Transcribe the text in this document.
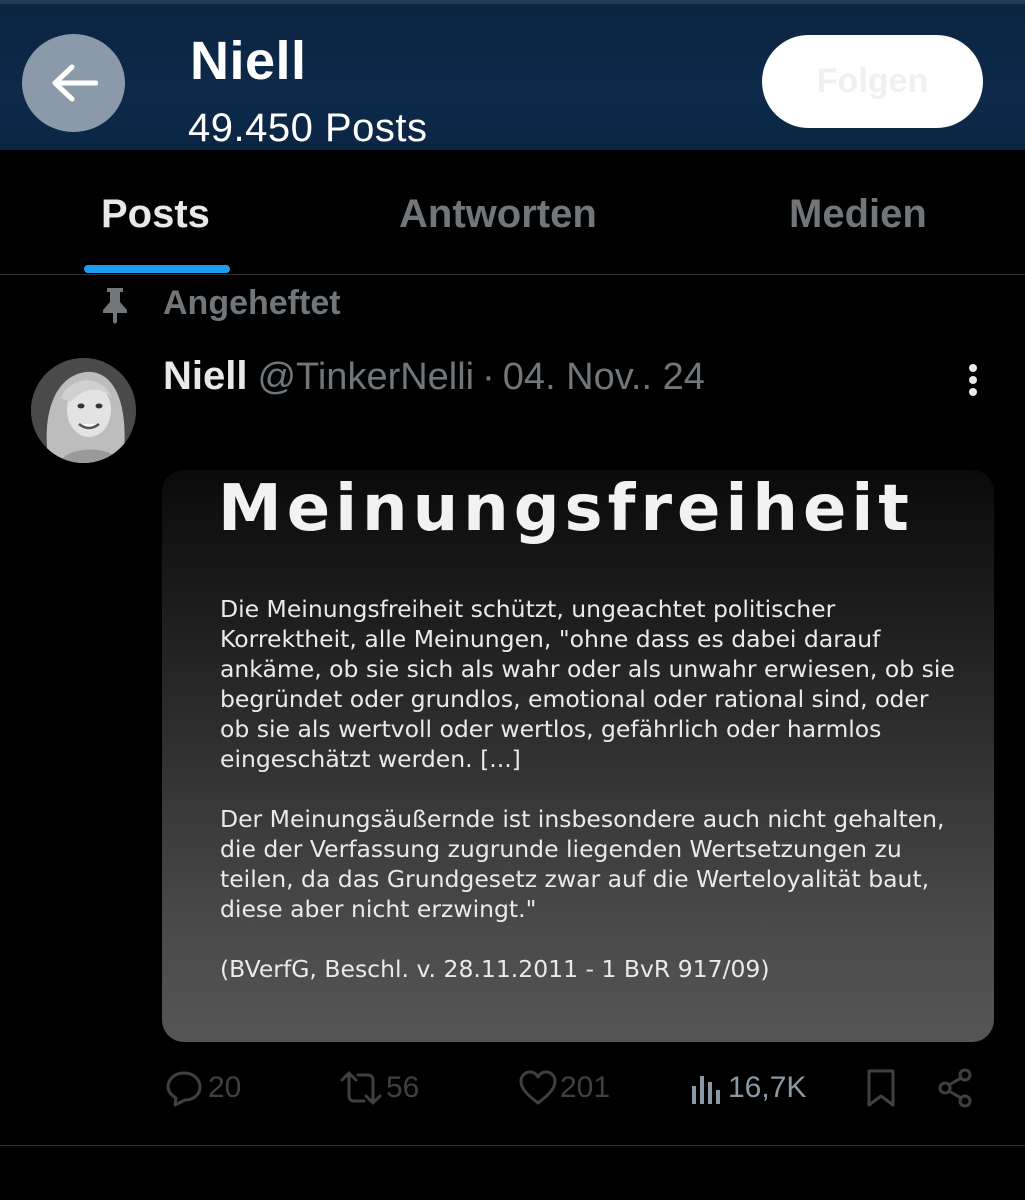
Niell
49.450 Posts
Folgen
Posts	Antworten	Medien
Angeheftet
Niell @TinkerNelli · 04. Nov.. 24
Meinungsfreiheit

Die Meinungsfreiheit schützt, ungeachtet politischer Korrektheit, alle Meinungen, "ohne dass es dabei darauf ankäme, ob sie sich als wahr oder als unwahr erwiesen, ob sie begründet oder grundlos, emotional oder rational sind, oder ob sie als wertvoll oder wertlos, gefährlich oder harmlos eingeschätzt werden. [...]

Der Meinungsäußernde ist insbesondere auch nicht gehalten, die der Verfassung zugrunde liegenden Wertsetzungen zu teilen, da das Grundgesetz zwar auf die Werteloyalität baut, diese aber nicht erzwingt."

(BVerfG, Beschl. v. 28.11.2011 - 1 BvR 917/09)

20	56	201	16,7K
